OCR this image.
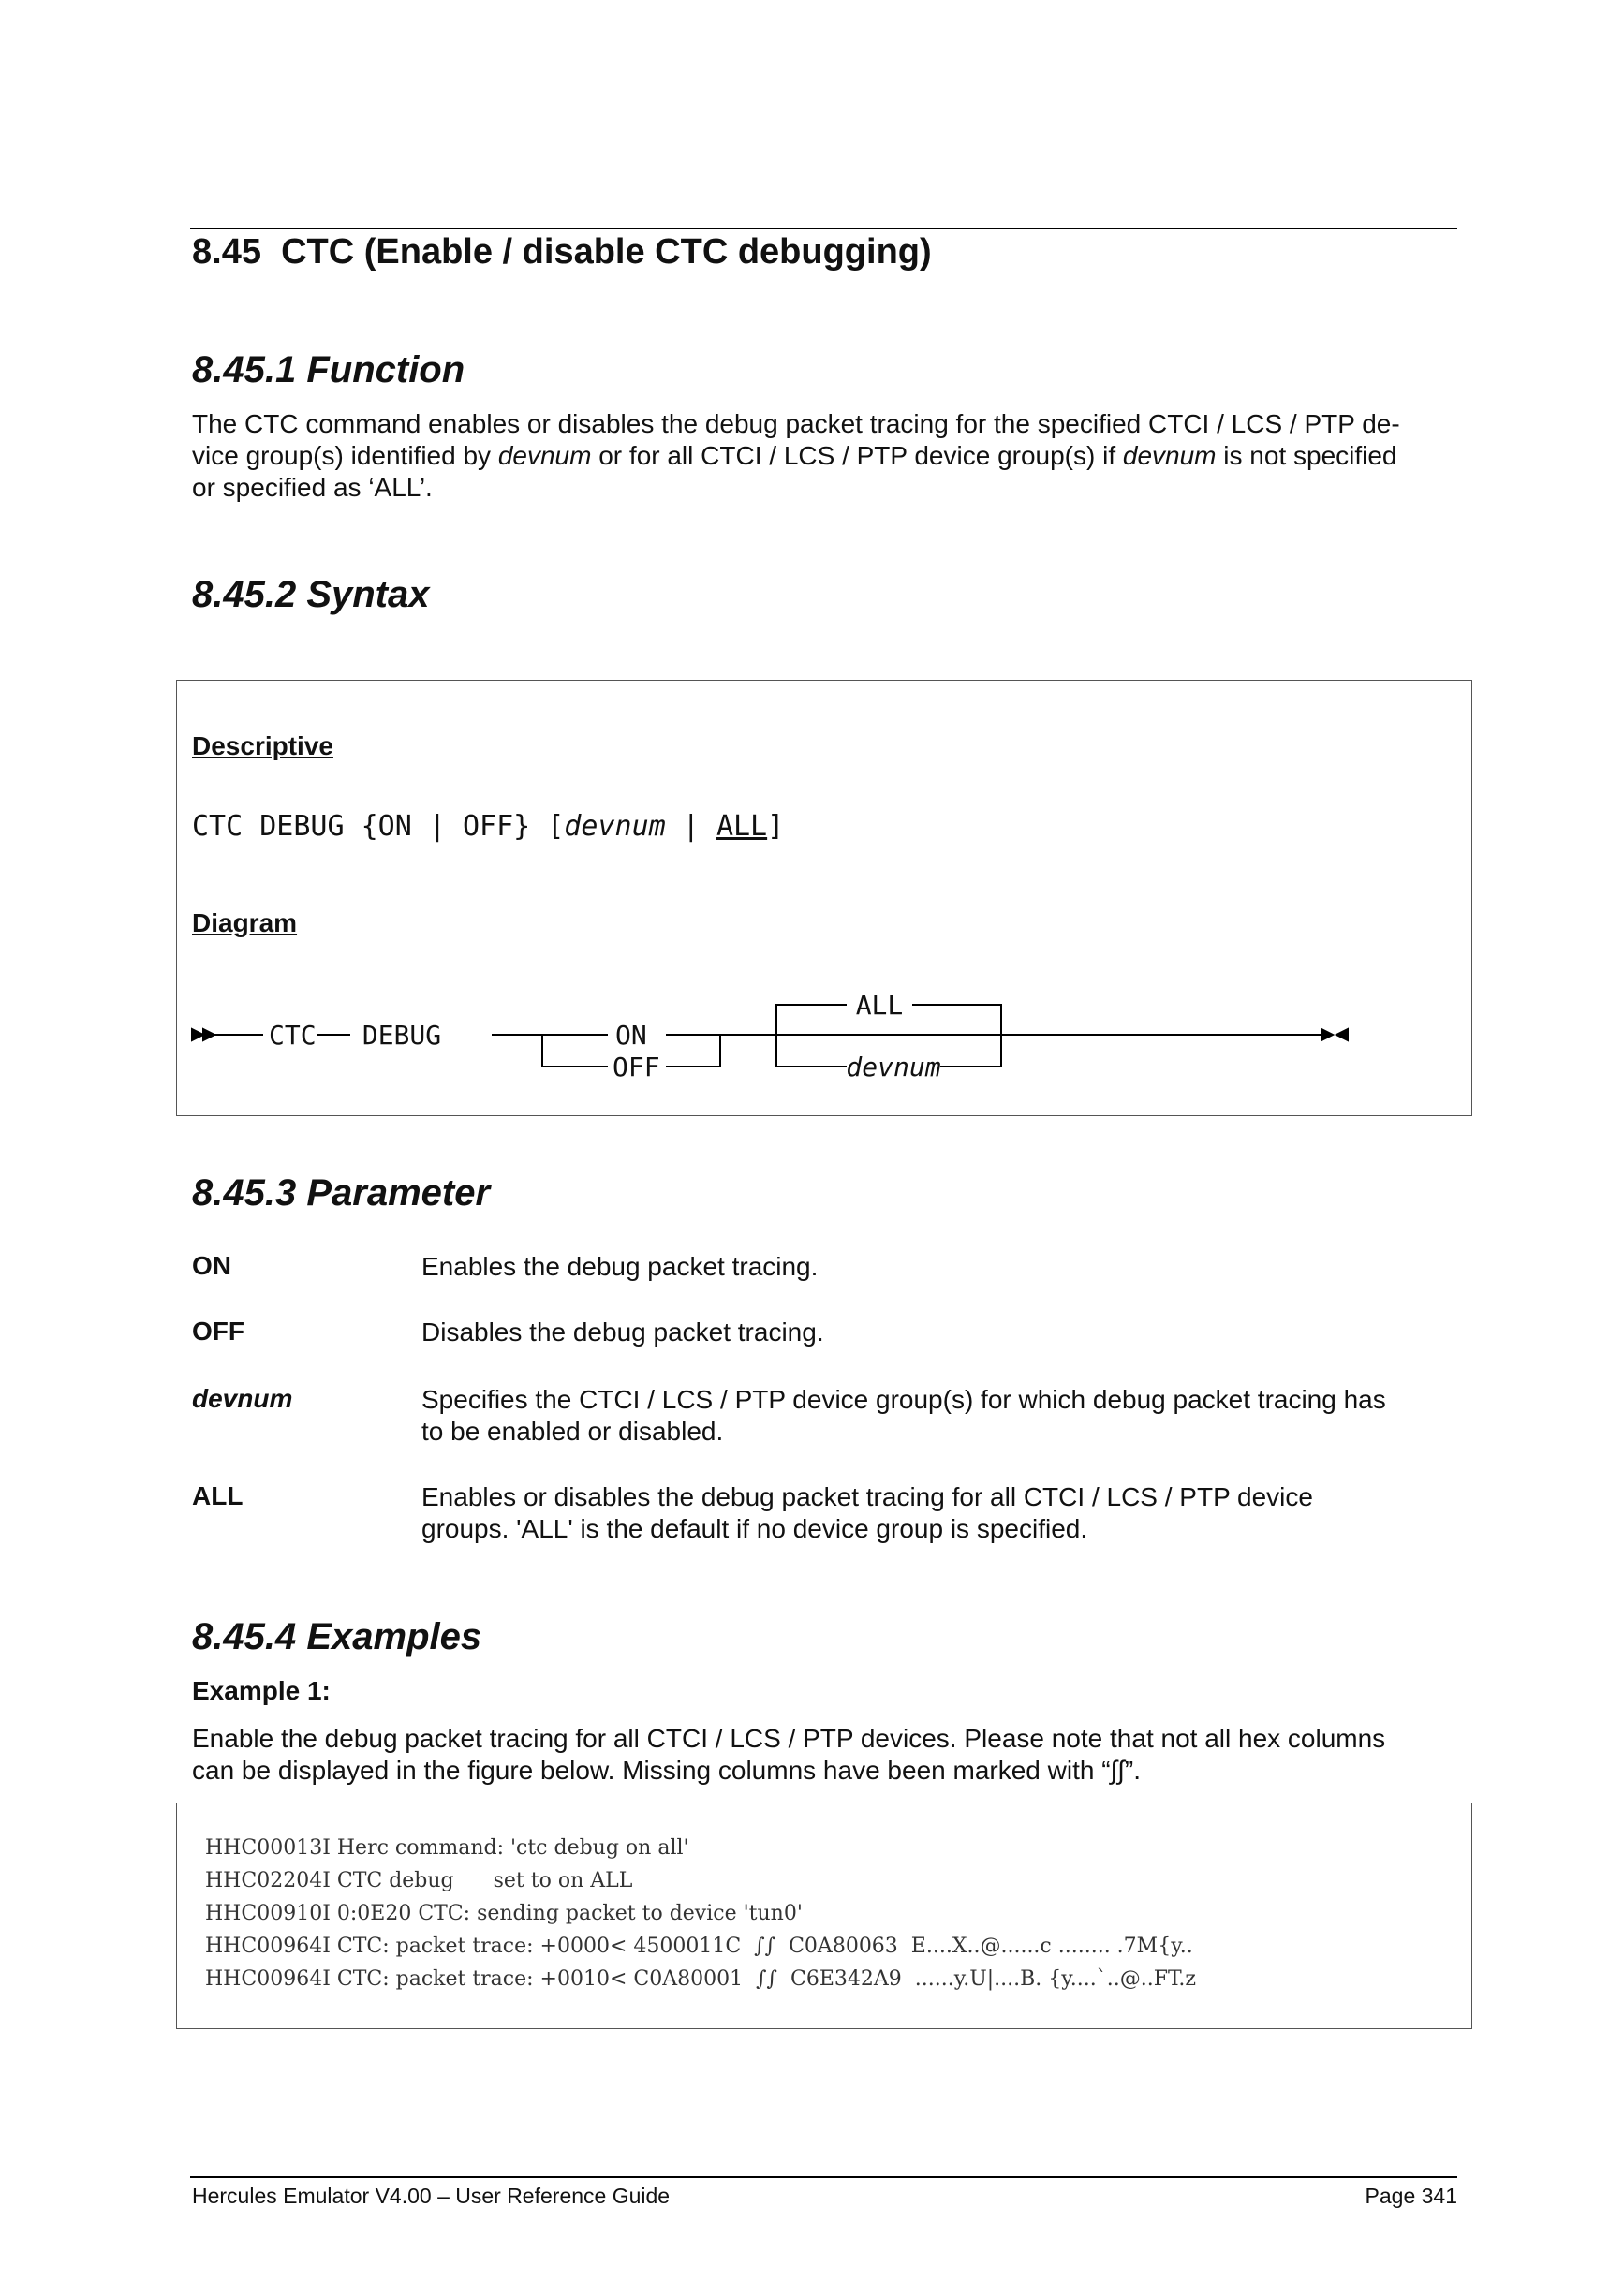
8.45 CTC (Enable / disable CTC debugging)
8.45.1 Function
The CTC command enables or disables the debug packet tracing for the specified CTCI / LCS / PTP de-
vice group(s) identified by devnum or for all CTCI / LCS / PTP device group(s) if devnum is not specified
or specified as ‘ALL’.
8.45.2 Syntax
Descriptive
CTC DEBUG {ON | OFF} [devnum | ALL]
Diagram
CTC DEBUG	ON
OFF
ALL
devnum
8.45.3 Parameter
ON	Enables the debug packet tracing.
OFF	Disables the debug packet tracing.
devnum	Specifies the CTCI / LCS / PTP device group(s) for which debug packet tracing has
to be enabled or disabled.
ALL	Enables or disables the debug packet tracing for all CTCI / LCS / PTP device
groups. 'ALL' is the default if no device group is specified.
8.45.4 Examples
Example 1:
Enable the debug packet tracing for all CTCI / LCS / PTP devices. Please note that not all hex columns
can be displayed in the figure below. Missing columns have been marked with “∫∫”.
HHC00013I Herc command: 'ctc debug on all'
HHC02204I CTC debug      set to on ALL
HHC00910I 0:0E20 CTC: sending packet to device 'tun0'
HHC00964I CTC: packet trace: +0000< 4500011C  ∫∫  C0A80063  E....X..@......c ........ .7M{y..
HHC00964I CTC: packet trace: +0010< C0A80001  ∫∫  C6E342A9  ......y.U|....B. {y....`..@..FT.z
Hercules Emulator V4.00 – User Reference Guide	Page 341
